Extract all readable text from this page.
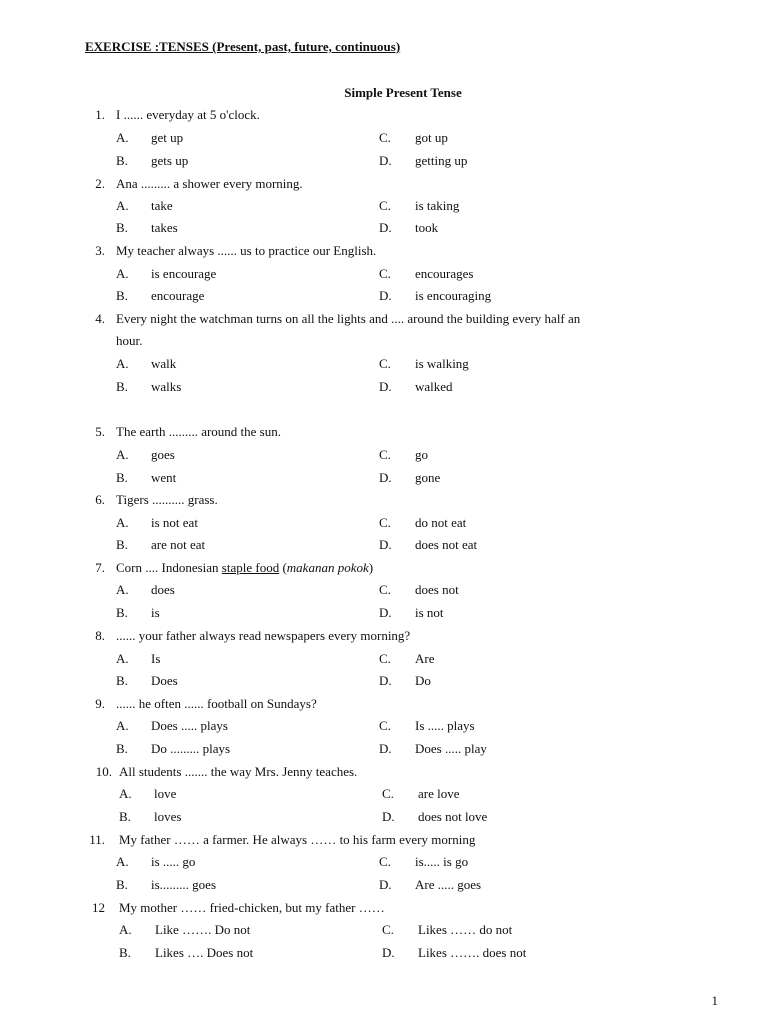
EXERCISE :TENSES (Present, past, future, continuous)
Simple Present Tense
1. I ...... everyday at 5 o'clock.
A. get up	C. got up
B. gets up	D. getting up
2. Ana ......... a shower every morning.
A. take	C. is taking
B. takes	D. took
3. My teacher always ...... us to practice our English.
A. is encourage	C. encourages
B. encourage	D. is encouraging
4. Every night the watchman turns on all the lights and .... around the building every half an
hour.
A. walk	C. is walking
B. walks	D. walked
5. The earth ......... around the sun.
A. goes	C. go
B. went	D. gone
6. Tigers .......... grass.
A. is not eat	C. do not eat
B. are not eat	D. does not eat
7. Corn .... Indonesian staple food (makanan pokok)
A. does	C. does not
B. is	D. is not
8. ...... your father always read newspapers every morning?
A. Is	C. Are
B. Does	D. Do
9. ...... he often ...... football on Sundays?
A. Does ..... plays	C. Is ..... plays
B. Do ......... plays	D. Does ..... play
10. All students ....... the way Mrs. Jenny teaches.
A. love	C. are love
B. loves	D. does not love
11. My father …… a farmer. He always …… to his farm every morning
A. is ..... go	C. is..... is go
B. is......... goes	D. Are ..... goes
12 My mother …… fried-chicken, but my father ……
A. Like ……. Do not	C. Likes …… do not
B. Likes …. Does not	D. Likes ……. does not
1
